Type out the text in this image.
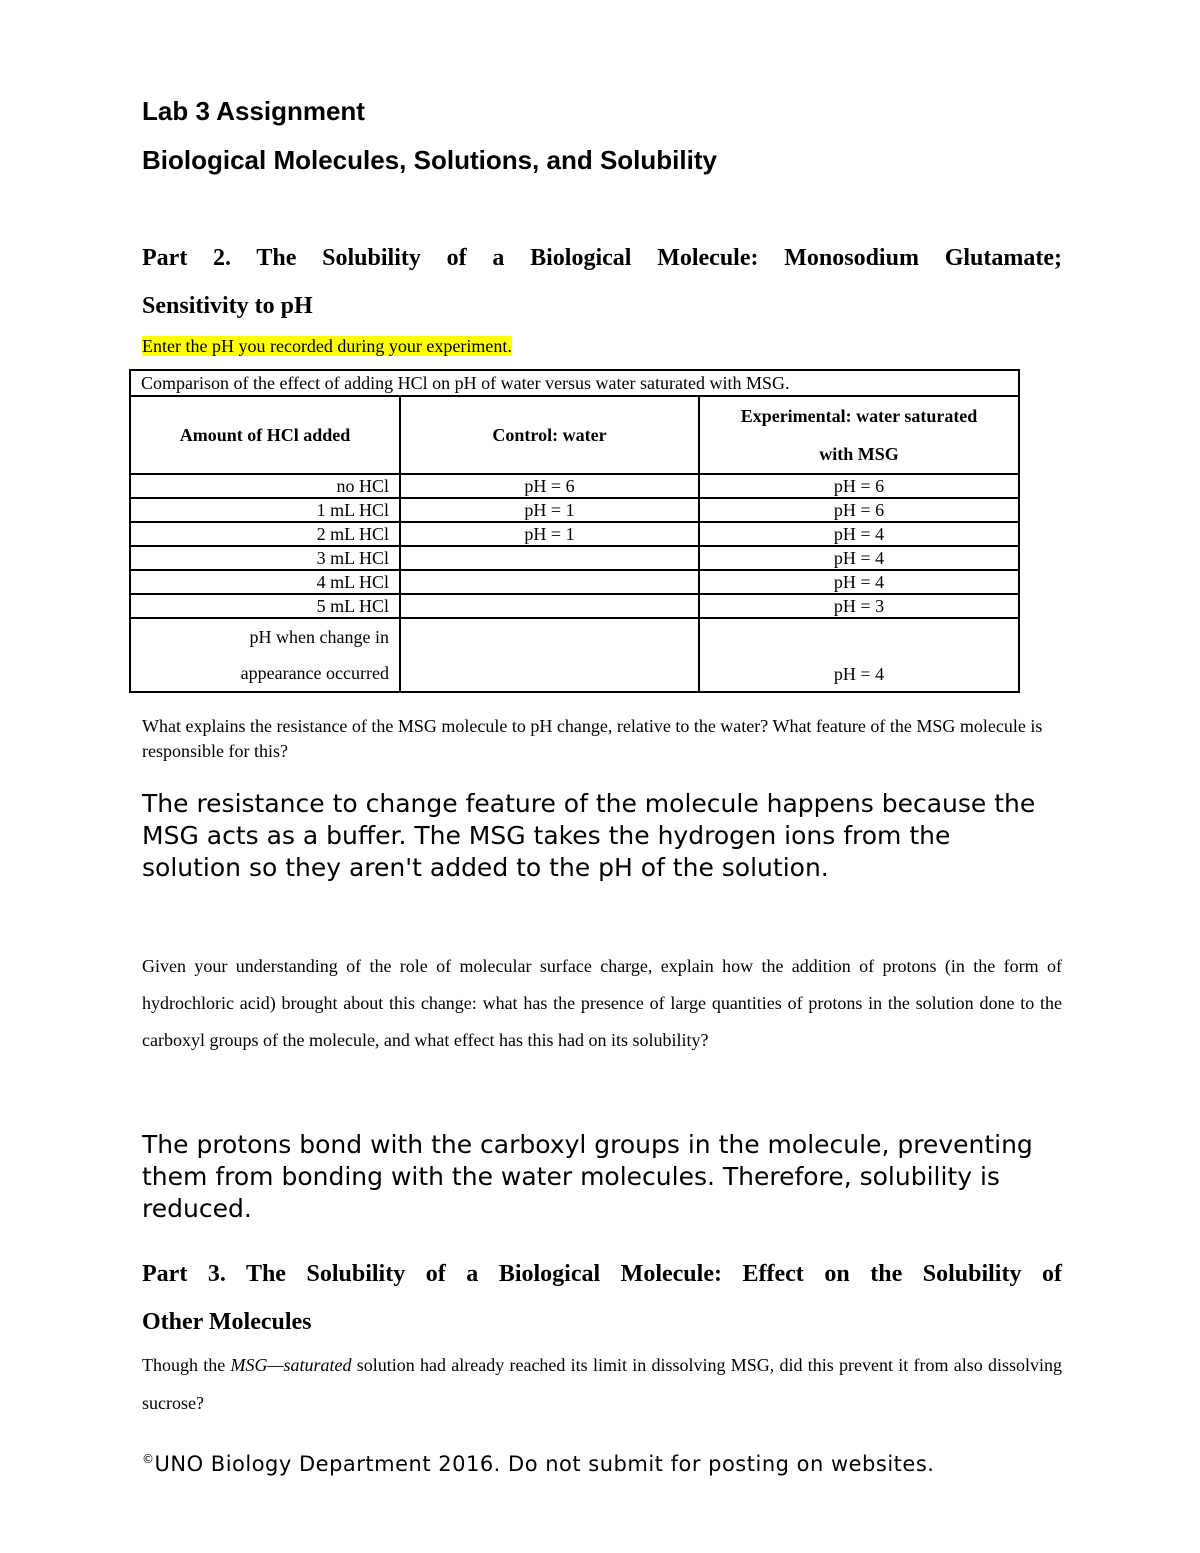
Lab 3 Assignment
Biological Molecules, Solutions, and Solubility
Part 2. The Solubility of a Biological Molecule: Monosodium Glutamate;
Sensitivity to pH

Enter the pH you recorded during your experiment.

Comparison of the effect of adding HCl on pH of water versus water saturated with MSG.		
Amount of HCl added	Control: water	Experimental: water saturated
with MSG
no HCl	pH = 6	pH = 6
1 mL HCl	pH = 1	pH = 6
2 mL HCl	pH = 1	pH = 4
3 mL HCl		pH = 4
4 mL HCl		pH = 4
5 mL HCl		pH = 3
pH when change in
appearance occurred		pH = 4

What explains the resistance of the MSG molecule to pH change, relative to the water? What feature of the MSG molecule is responsible for this?

The resistance to change feature of the molecule happens because the MSG acts as a buffer. The MSG takes the hydrogen ions from the solution so they aren't added to the pH of the solution.

Given your understanding of the role of molecular surface charge, explain how the addition of protons (in the form of hydrochloric acid) brought about this change: what has the presence of large quantities of protons in the solution done to the carboxyl groups of the molecule, and what effect has this had on its solubility?

The protons bond with the carboxyl groups in the molecule, preventing them from bonding with the water molecules. Therefore, solubility is reduced.

Part 3. The Solubility of a Biological Molecule: Effect on the Solubility of
Other Molecules

Though the MSG—saturated solution had already reached its limit in dissolving MSG, did this prevent it from also dissolving sucrose?

©UNO Biology Department 2016. Do not submit for posting on websites.
